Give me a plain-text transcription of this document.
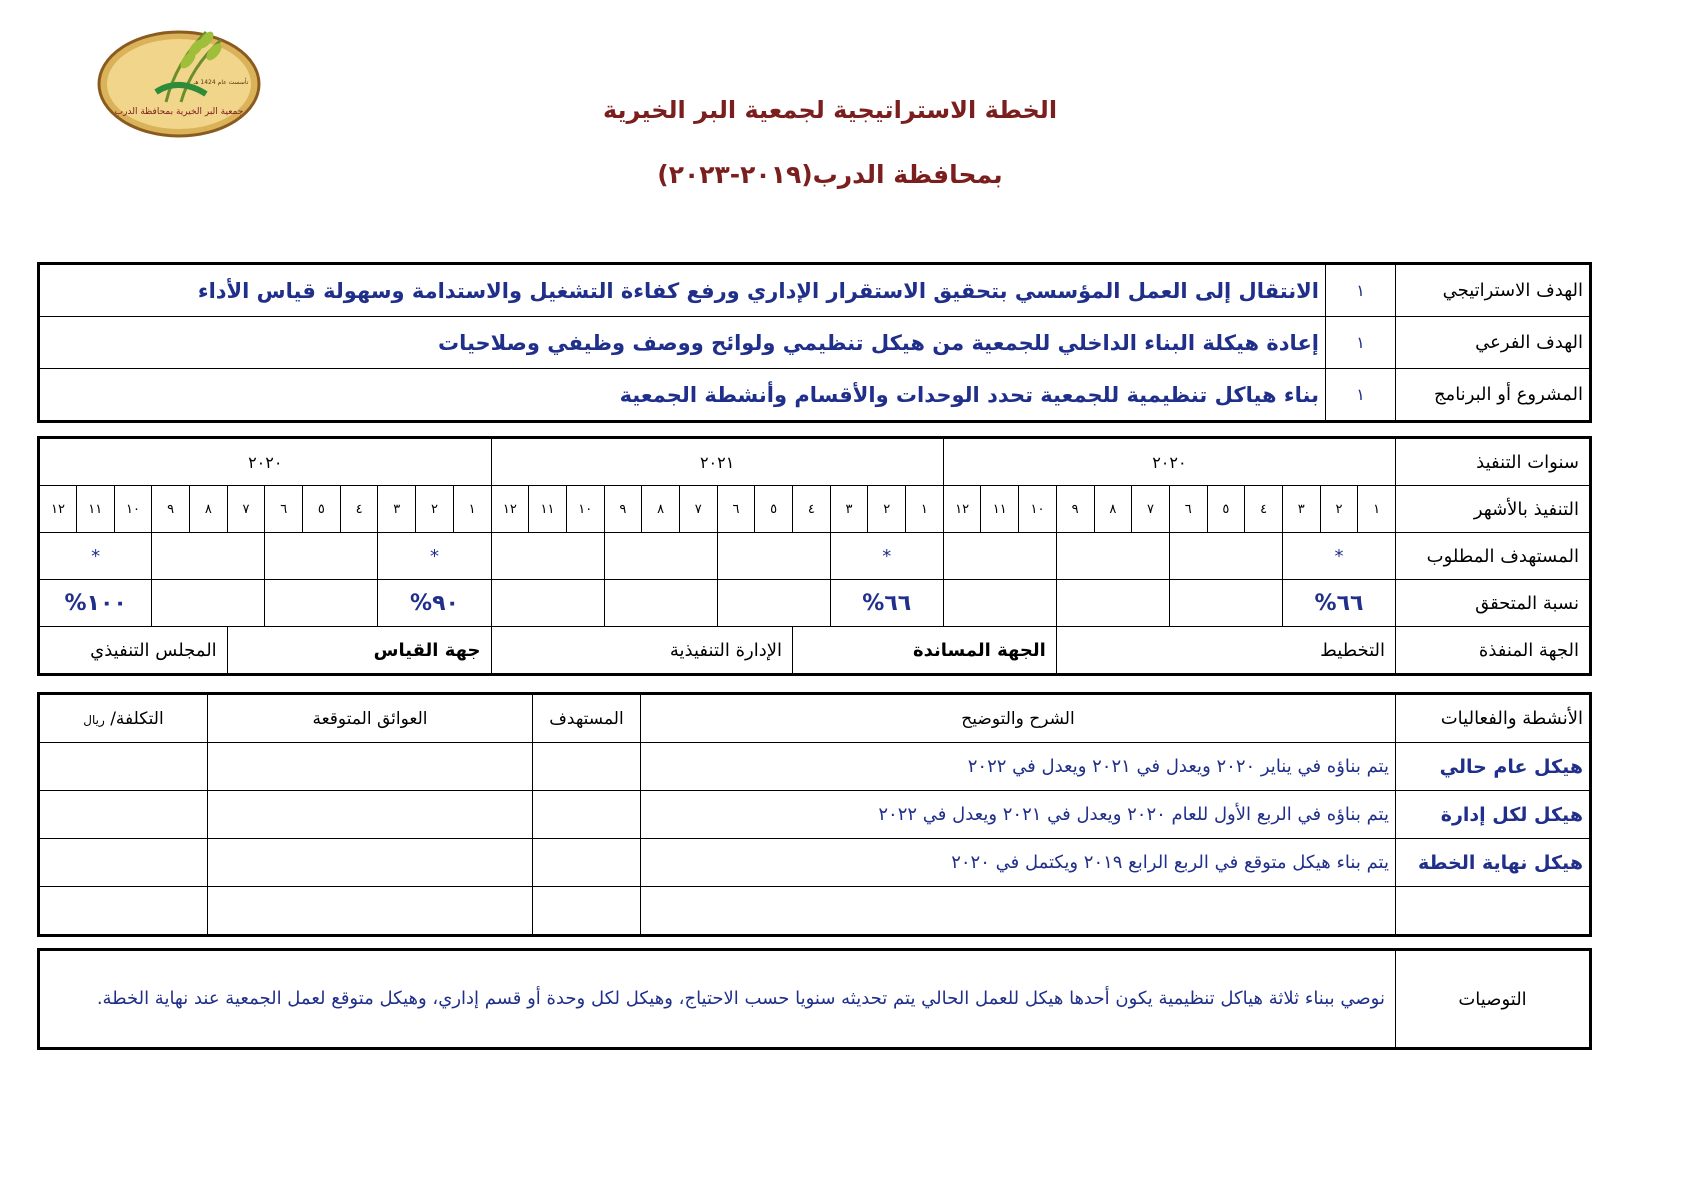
جمعية البر الخيرية بمحافظة الدرب
تأسست عام 1424 هـ
الخطة الاستراتيجية لجمعية البر الخيرية
بمحافظة الدرب(٢٠١٩-٢٠٢٣)
الهدف الاستراتيجي	١	الانتقال إلى العمل المؤسسي بتحقيق الاستقرار الإداري ورفع كفاءة التشغيل والاستدامة وسهولة قياس الأداء
الهدف الفرعي	١	إعادة هيكلة البناء الداخلي للجمعية من هيكل تنظيمي ولوائح ووصف وظيفي وصلاحيات
المشروع أو البرنامج	١	بناء هياكل تنظيمية للجمعية تحدد الوحدات والأقسام وأنشطة الجمعية
سنوات التنفيذ	٢٠٢٠												٢٠٢١												٢٠٢٠											
التنفيذ بالأشهر	١	٢	٣	٤	٥	٦	٧	٨	٩	١٠	١١	١٢	١	٢	٣	٤	٥	٦	٧	٨	٩	١٠	١١	١٢	١	٢	٣	٤	٥	٦	٧	٨	٩	١٠	١١	١٢
المستهدف المطلوب	*												*												*									*		
نسبة المتحقق	٦٦%												٦٦%												٩٠%									١٠٠%		
الجهة المنفذة	التخطيط									الجهة المساندة							الإدارة التنفيذية								جهة القياس							المجلس التنفيذي				
الأنشطة والفعاليات	الشرح والتوضيح	المستهدف	العوائق المتوقعة	التكلفة/ ريال
هيكل عام حالي	يتم بناؤه في يناير ٢٠٢٠ ويعدل في ٢٠٢١ ويعدل في ٢٠٢٢			
هيكل لكل إدارة	يتم بناؤه في الربع الأول للعام ٢٠٢٠ ويعدل في ٢٠٢١ ويعدل في ٢٠٢٢			
هيكل نهاية الخطة	يتم بناء هيكل متوقع في الربع الرابع ٢٠١٩ ويكتمل في ٢٠٢٠			

التوصيات	نوصي ببناء ثلاثة هياكل تنظيمية يكون أحدها هيكل للعمل الحالي يتم تحديثه سنويا حسب الاحتياج، وهيكل لكل وحدة أو قسم إداري، وهيكل متوقع لعمل الجمعية عند نهاية الخطة.
